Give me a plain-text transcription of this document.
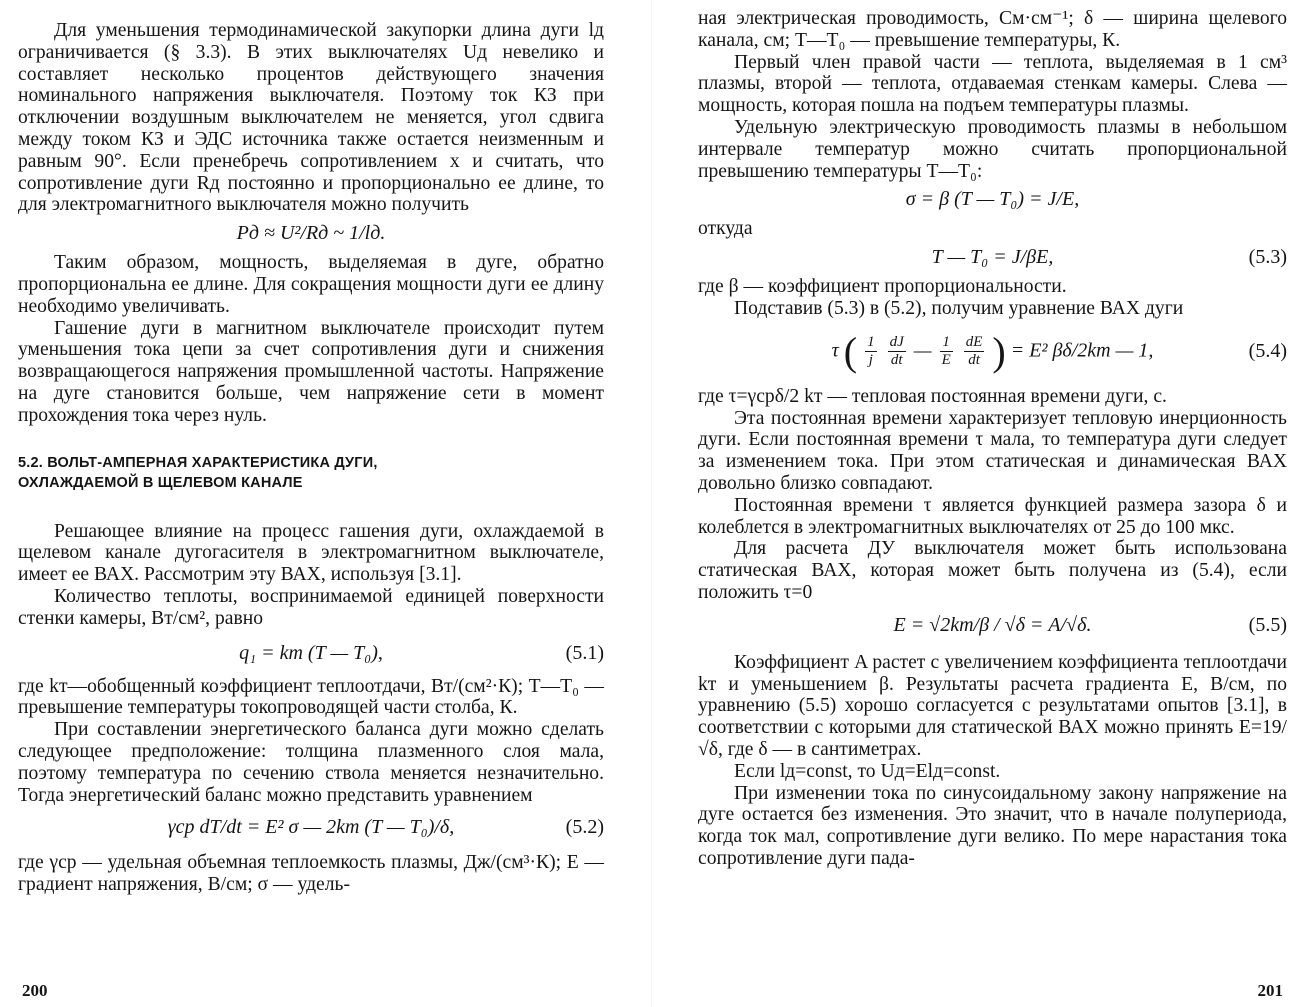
Для уменьшения термодинамической закупорки длина дуги lд ограничивается (§ 3.3). В этих выключателях Uд невелико и составляет несколько процентов действующего значения номинального напряжения выключателя. Поэтому ток КЗ при отключении воздушным выключателем не меняется, угол сдвига между током КЗ и ЭДС источника также остается неизменным и равным 90°. Если пренебречь сопротивлением x и считать, что сопротивление дуги Rд постоянно и пропорционально ее длине, то для электромагнитного выключателя можно получить

Pд ≈ U²/Rд ~ 1/lд.

Таким образом, мощность, выделяемая в дуге, обратно пропорциональна ее длине. Для сокращения мощности дуги ее длину необходимо увеличивать.

Гашение дуги в магнитном выключателе происходит путем уменьшения тока цепи за счет сопротивления дуги и снижения возвращающегося напряжения промышленной частоты. Напряжение на дуге становится больше, чем напряжение сети в момент прохождения тока через нуль.

5.2. ВОЛЬТ-АМПЕРНАЯ ХАРАКТЕРИСТИКА ДУГИ,
ОХЛАЖДАЕМОЙ В ЩЕЛЕВОМ КАНАЛЕ

Решающее влияние на процесс гашения дуги, охлаждаемой в щелевом канале дугогасителя в электромагнитном выключателе, имеет ее ВАХ. Рассмотрим эту ВАХ, используя [3.1].

Количество теплоты, воспринимаемой единицей поверхности стенки камеры, Вт/см², равно

q₁ = kт (T — T₀),	(5.1)

где kт—обобщенный коэффициент теплоотдачи, Вт/(см²·К); T—T₀ — превышение температуры токопроводящей части столба, К.

При составлении энергетического баланса дуги можно сделать следующее предположение: толщина плазменного слоя мала, поэтому температура по сечению ствола меняется незначительно. Тогда энергетический баланс можно представить уравнением

γcp dT/dt = E² σ — 2kт (T — T₀)/δ,	(5.2)

где γcp — удельная объемная теплоемкость плазмы, Дж/(см³·К); E — градиент напряжения, В/см; σ — удель-

200

ная электрическая проводимость, См·см⁻¹; δ — ширина щелевого канала, см; T—T₀ — превышение температуры, К.

Первый член правой части — теплота, выделяемая в 1 см³ плазмы, второй — теплота, отдаваемая стенкам камеры. Слева — мощность, которая пошла на подъем температуры плазмы.

Удельную электрическую проводимость плазмы в небольшом интервале температур можно считать пропорциональной превышению температуры T—T₀:

σ = β (T — T₀) = J/E,

откуда

T — T₀ = J/βE,	(5.3)

где β — коэффициент пропорциональности.

Подставив (5.3) в (5.2), получим уравнение ВАХ дуги

τ ( $\frac{1}{j}$
$\frac{dJ}{dt}$ — $\frac{1}{E}$
$\frac{dE}{dt}$ ) = E² βδ/2kт — 1,	(5.4)

где τ=γcpδ/2 kт — тепловая постоянная времени дуги, с.

Эта постоянная времени характеризует тепловую инерционность дуги. Если постоянная времени τ мала, то температура дуги следует за изменением тока. При этом статическая и динамическая ВАХ довольно близко совпадают.

Постоянная времени τ является функцией размера зазора δ и колеблется в электромагнитных выключателях от 25 до 100 мкс.

Для расчета ДУ выключателя может быть использована статическая ВАХ, которая может быть получена из (5.4), если положить τ=0

E = √2kт/β / √δ = A/√δ.	(5.5)

Коэффициент A растет с увеличением коэффициента теплоотдачи kт и уменьшением β. Результаты расчета градиента E, В/см, по уравнению (5.5) хорошо согласуется с результатами опытов [3.1], в соответствии с которыми для статической ВАХ можно принять E=19/√δ, где δ — в сантиметрах.

Если lд=const, то Uд=Elд=const.

При изменении тока по синусоидальному закону напряжение на дуге остается без изменения. Это значит, что в начале полупериода, когда ток мал, сопротивление дуги велико. По мере нарастания тока сопротивление дуги пада-

201
